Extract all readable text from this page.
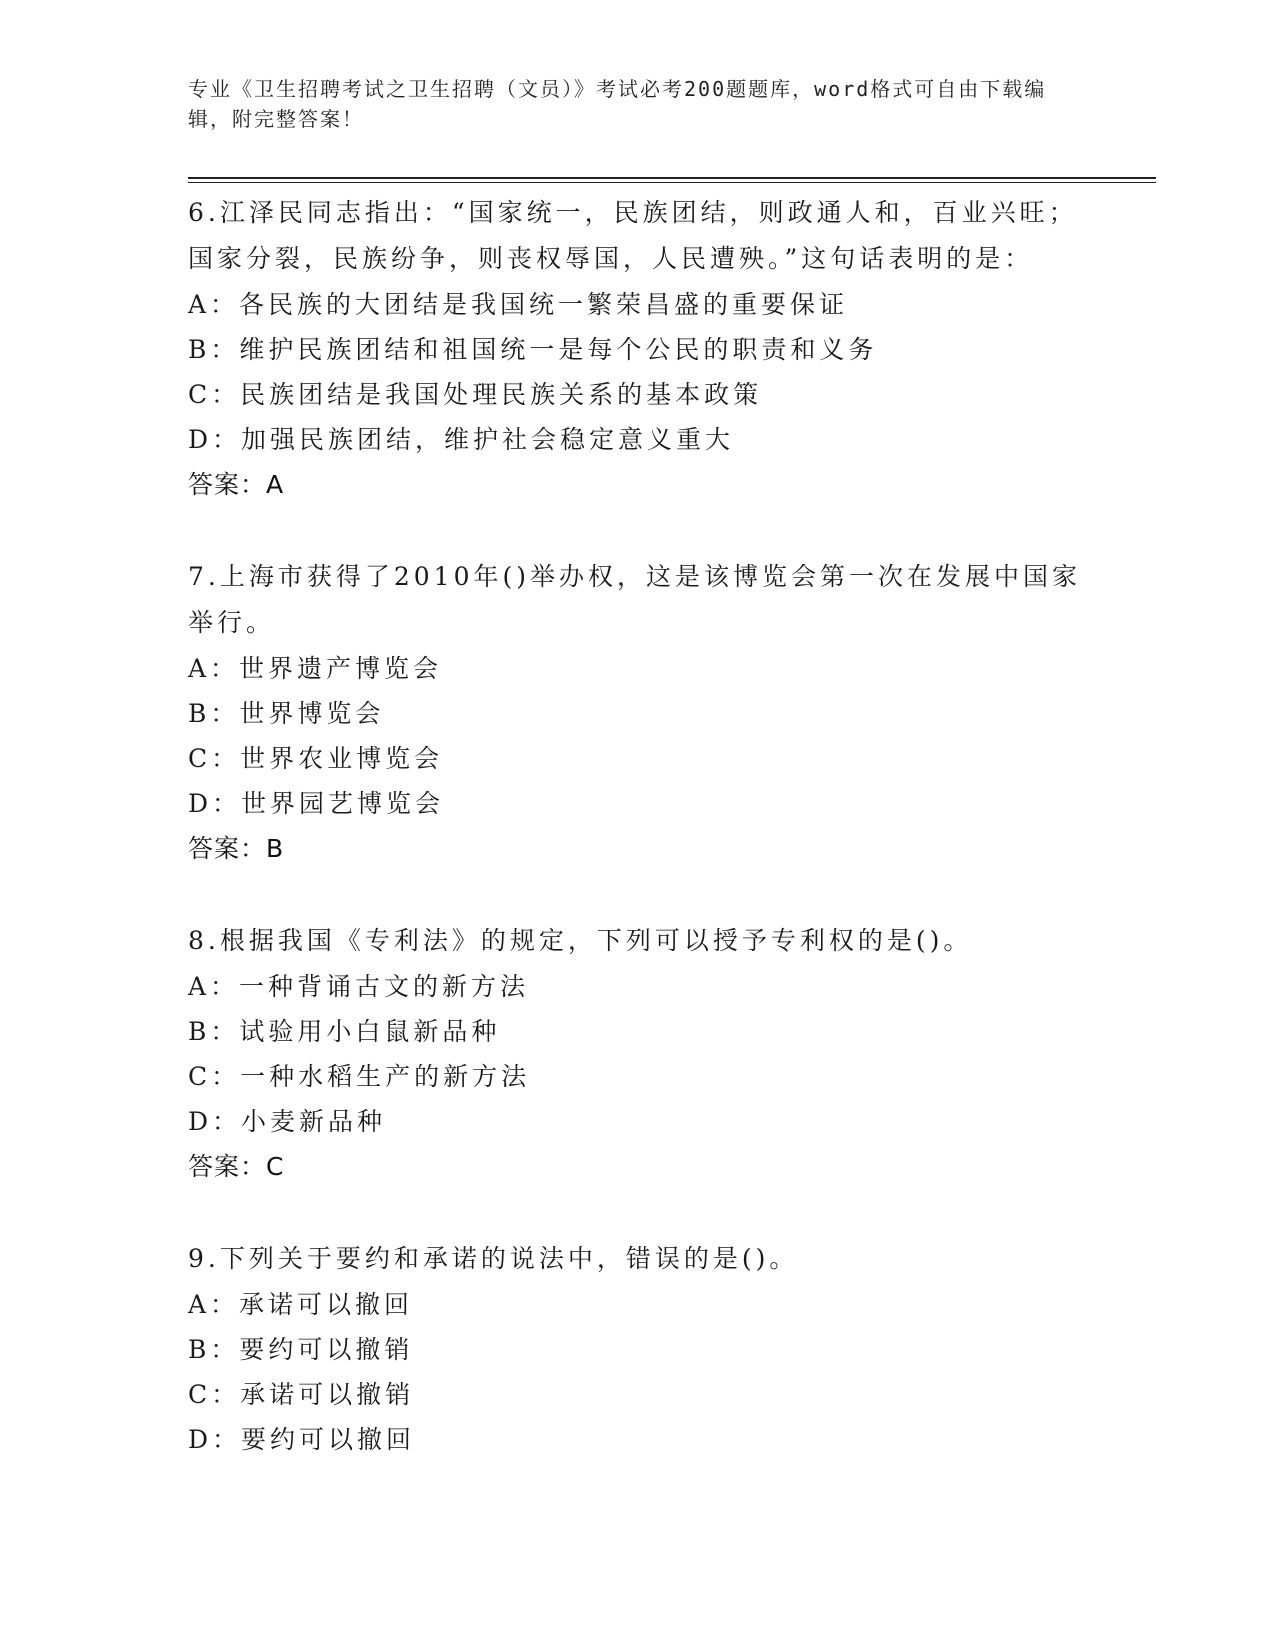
专业《卫生招聘考试之卫生招聘（文员）》考试必考200题题库，word格式可自由下载编辑，附完整答案！

6.江泽民同志指出：“国家统一，民族团结，则政通人和，百业兴旺；国家分裂，民族纷争，则丧权辱国，人民遭殃。”这句话表明的是：

A：各民族的大团结是我国统一繁荣昌盛的重要保证

B：维护民族团结和祖国统一是每个公民的职责和义务

C：民族团结是我国处理民族关系的基本政策

D：加强民族团结，维护社会稳定意义重大

答案：A

7.上海市获得了2010年()举办权，这是该博览会第一次在发展中国家举行。

A：世界遗产博览会

B：世界博览会

C：世界农业博览会

D：世界园艺博览会

答案：B

8.根据我国《专利法》的规定，下列可以授予专利权的是()。

A：一种背诵古文的新方法

B：试验用小白鼠新品种

C：一种水稻生产的新方法

D：小麦新品种

答案：C

9.下列关于要约和承诺的说法中，错误的是()。

A：承诺可以撤回

B：要约可以撤销

C：承诺可以撤销

D：要约可以撤回
